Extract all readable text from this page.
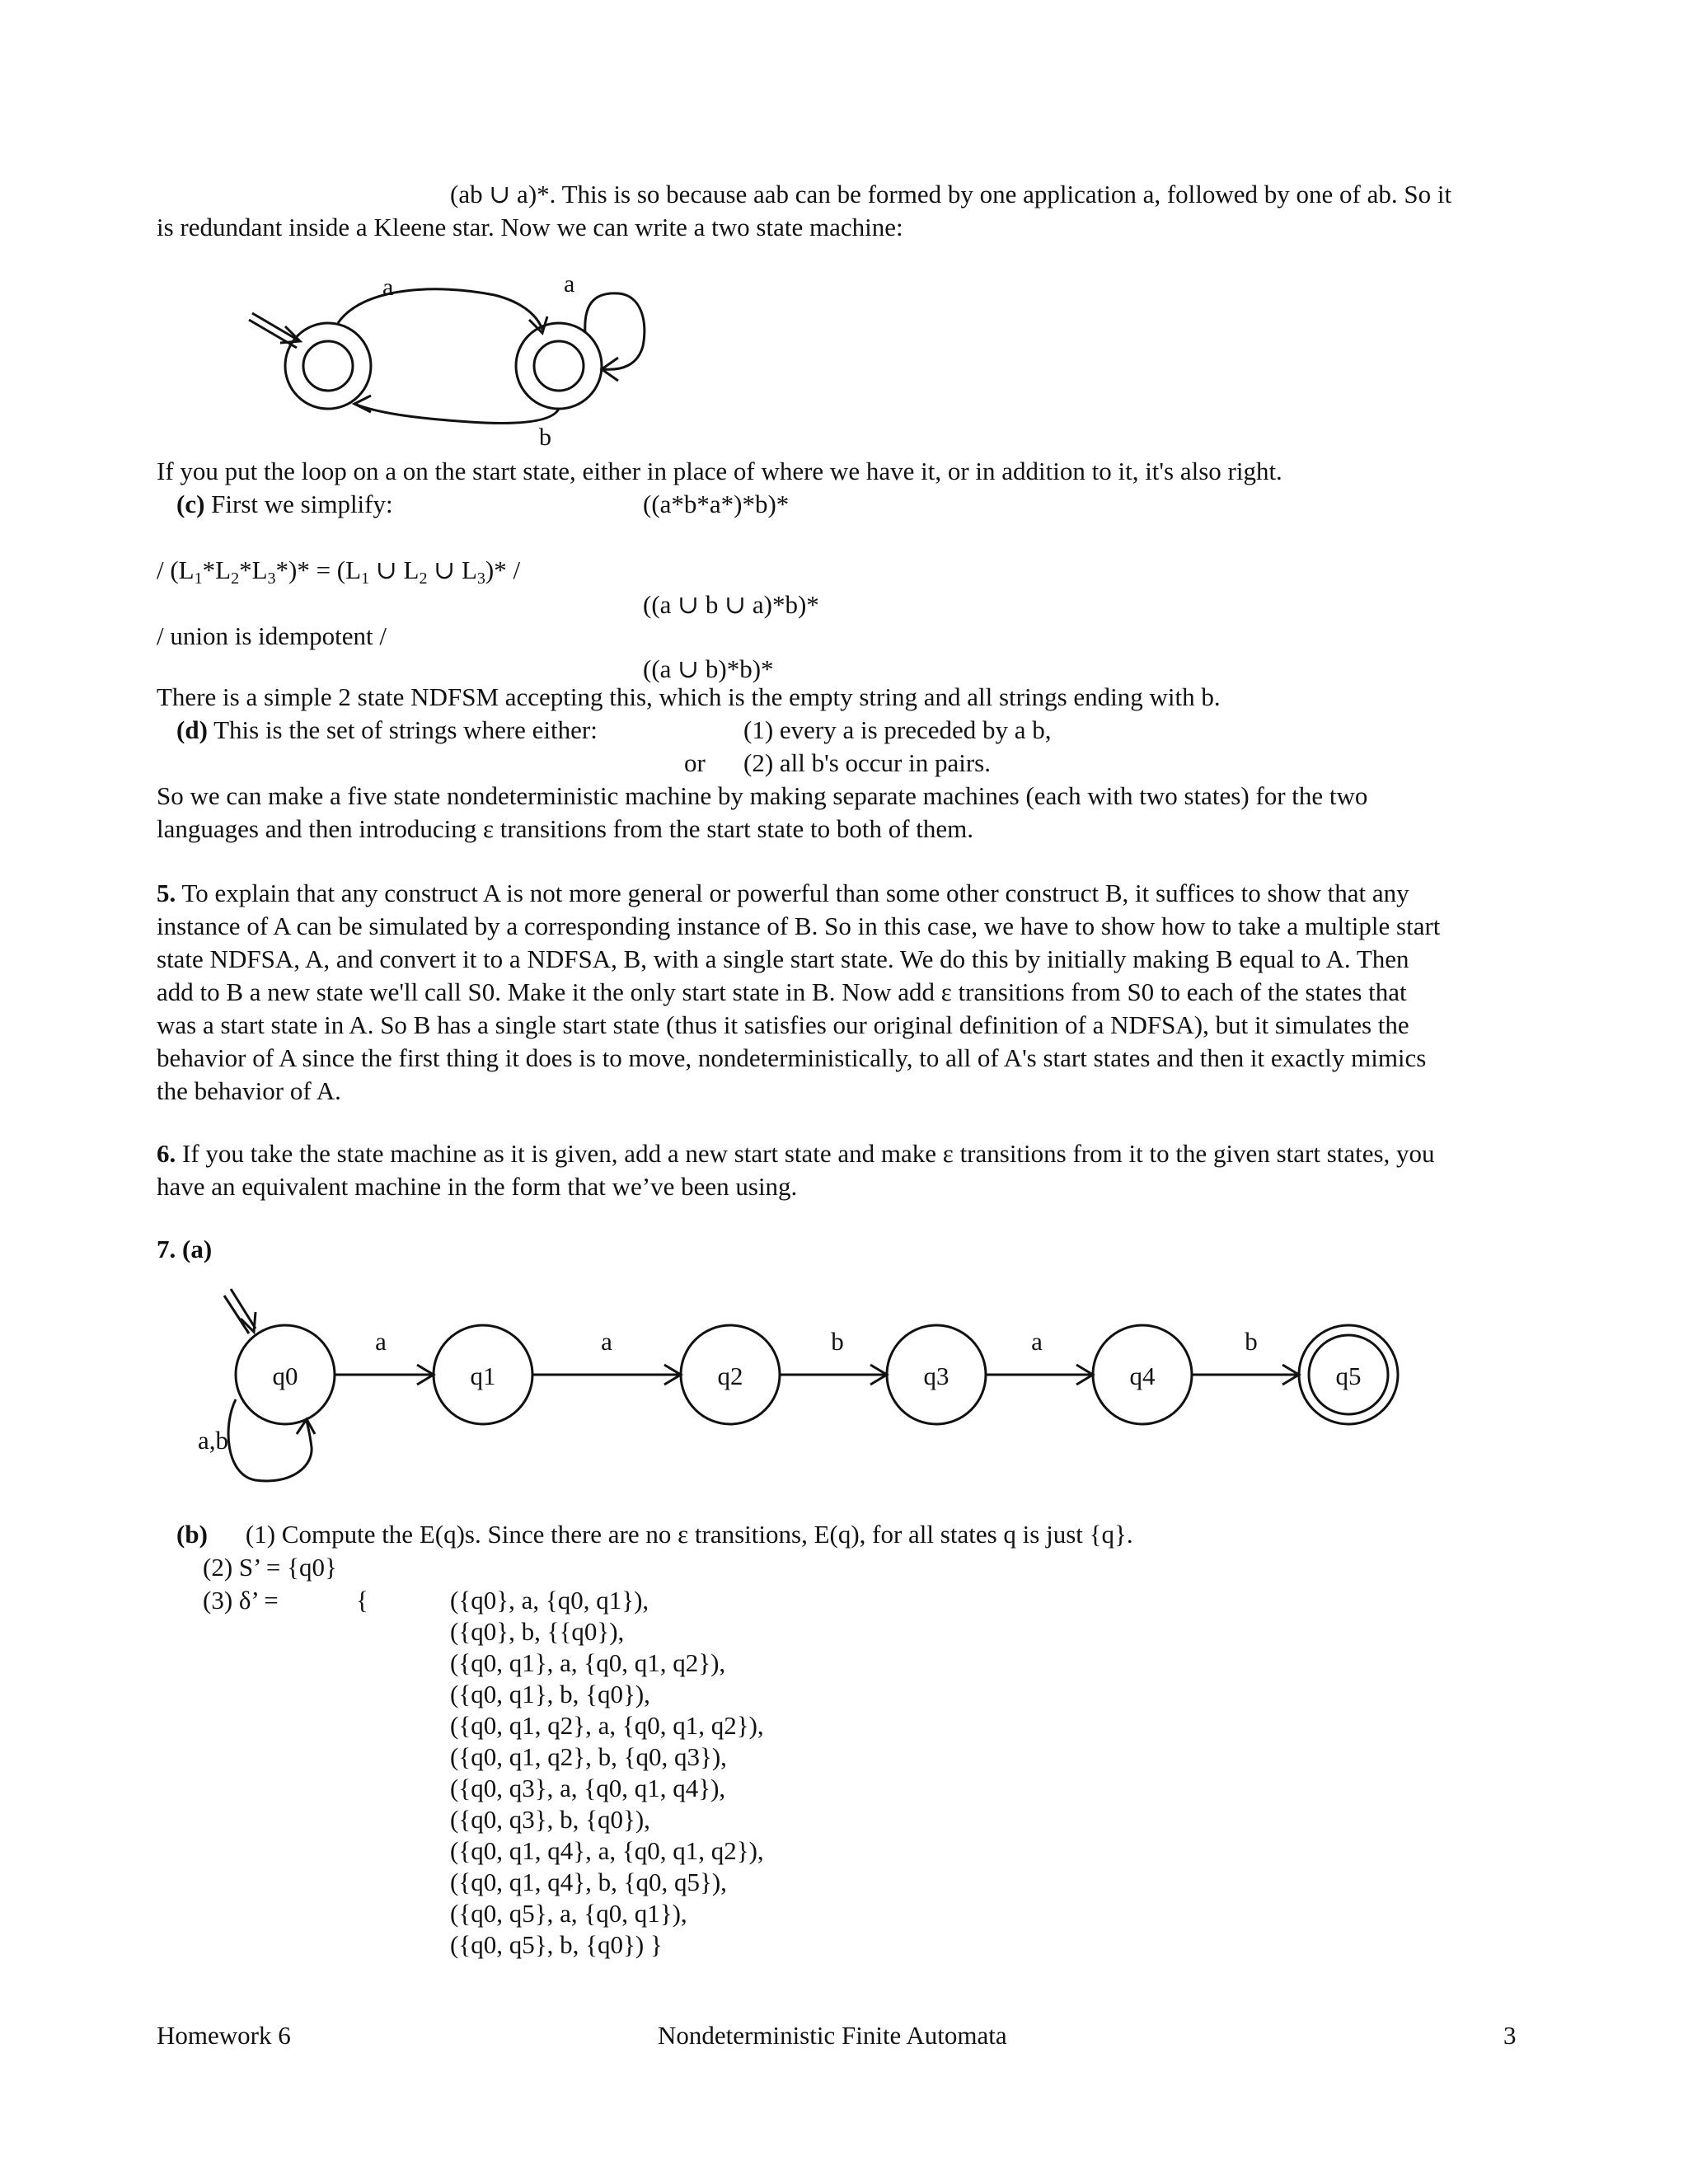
(ab ∪ a)*. This is so because aab can be formed by one application a, followed by one of ab. So it
is redundant inside a Kleene star. Now we can write a two state machine:
a	a
b
If you put the loop on a on the start state, either in place of where we have it, or in addition to it, it's also right.
(c) First we simplify:	((a*b*a*)*b)*
/ $(L_1*L_2*L_3*)* = (L_1$ ∪ $L_2$ ∪ $L_3)*$ /
((a ∪ b ∪ a)*b)*
/ union is idempotent /
((a ∪ b)*b)*
There is a simple 2 state NDFSM accepting this, which is the empty string and all strings ending with b.
(d) This is the set of strings where either:	(1) every a is preceded by a b,
or (2) all b's occur in pairs.
So we can make a five state nondeterministic machine by making separate machines (each with two states) for the two
languages and then introducing ε transitions from the start state to both of them.
5. To explain that any construct A is not more general or powerful than some other construct B, it suffices to show that any
instance of A can be simulated by a corresponding instance of B. So in this case, we have to show how to take a multiple start
state NDFSA, A, and convert it to a NDFSA, B, with a single start state. We do this by initially making B equal to A. Then
add to B a new state we'll call S0. Make it the only start state in B. Now add ε transitions from S0 to each of the states that
was a start state in A. So B has a single start state (thus it satisfies our original definition of a NDFSA), but it simulates the
behavior of A since the first thing it does is to move, nondeterministically, to all of A's start states and then it exactly mimics
the behavior of A.
6. If you take the state machine as it is given, add a new start state and make ε transitions from it to the given start states, you
have an equivalent machine in the form that we’ve been using.
7. (a)
q0	q1	q2	q3	q4	q5
a	a	b	a	b
a,b
(b) (1) Compute the E(q)s. Since there are no ε transitions, E(q), for all states q is just {q}.
(2) S’ = {q0}
(3) δ’ =	{	({q0}, a, {q0, q1}),
({q0}, b, {{q0}),
({q0, q1}, a, {q0, q1, q2}),
({q0, q1}, b, {q0}),
({q0, q1, q2}, a, {q0, q1, q2}),
({q0, q1, q2}, b, {q0, q3}),
({q0, q3}, a, {q0, q1, q4}),
({q0, q3}, b, {q0}),
({q0, q1, q4}, a, {q0, q1, q2}),
({q0, q1, q4}, b, {q0, q5}),
({q0, q5}, a, {q0, q1}),
({q0, q5}, b, {q0}) }
Homework 6	Nondeterministic Finite Automata	3
